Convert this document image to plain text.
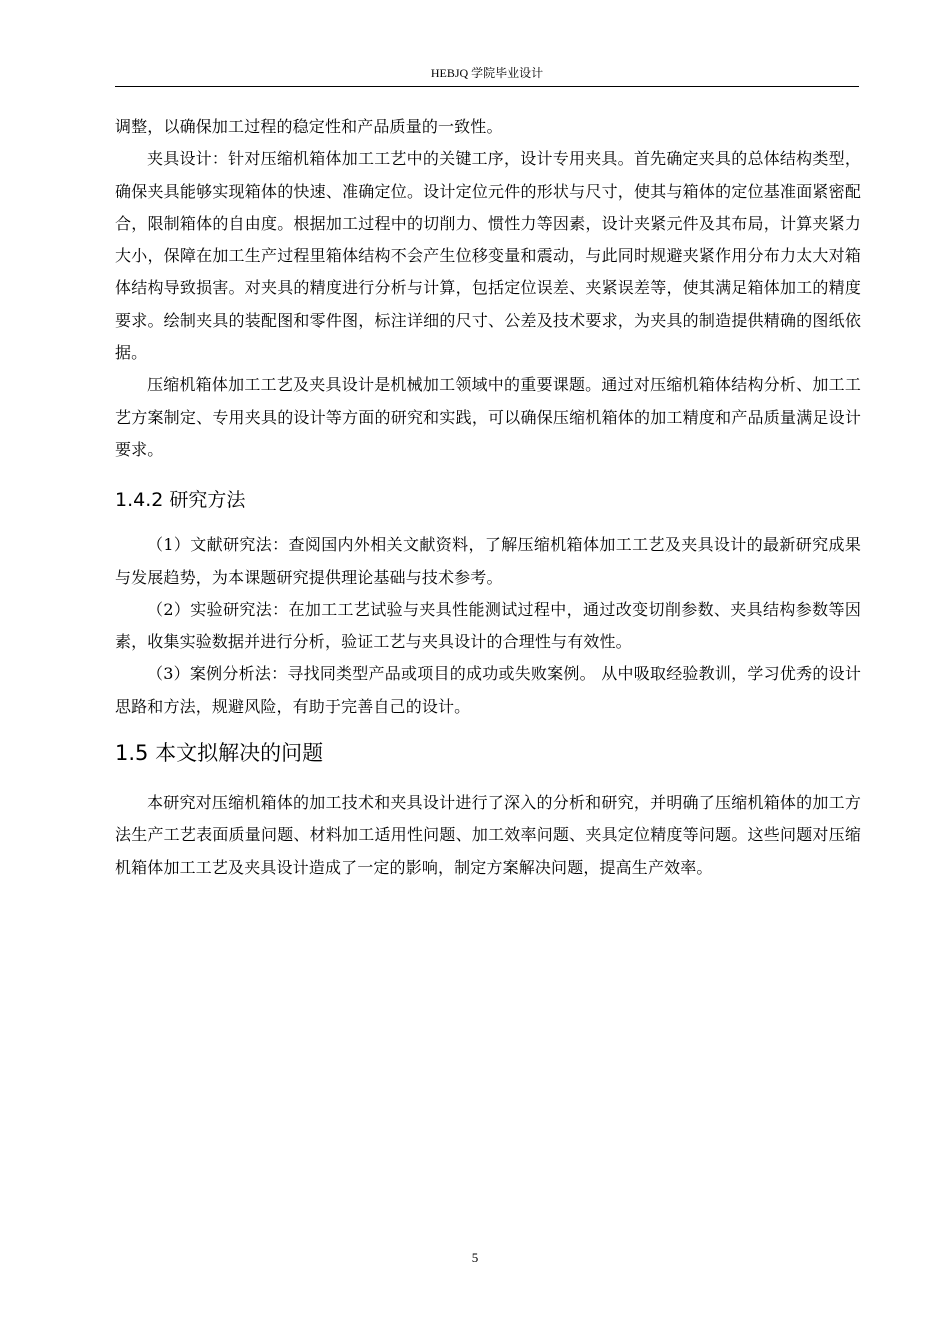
HEBJQ 学院毕业设计

调整，以确保加工过程的稳定性和产品质量的一致性。

夹具设计：针对压缩机箱体加工工艺中的关键工序，设计专用夹具。首先确定夹具的总体结构类型，确保夹具能够实现箱体的快速、准确定位。设计定位元件的形状与尺寸，使其与箱体的定位基准面紧密配合，限制箱体的自由度。根据加工过程中的切削力、惯性力等因素，设计夹紧元件及其布局，计算夹紧力大小，保障在加工生产过程里箱体结构不会产生位移变量和震动，与此同时规避夹紧作用分布力太大对箱体结构导致损害。对夹具的精度进行分析与计算，包括定位误差、夹紧误差等，使其满足箱体加工的精度要求。绘制夹具的装配图和零件图，标注详细的尺寸、公差及技术要求，为夹具的制造提供精确的图纸依据。

压缩机箱体加工工艺及夹具设计是机械加工领域中的重要课题。通过对压缩机箱体结构分析、加工工艺方案制定、专用夹具的设计等方面的研究和实践，可以确保压缩机箱体的加工精度和产品质量满足设计要求。

1.4.2 研究方法

（1）文献研究法：查阅国内外相关文献资料，了解压缩机箱体加工工艺及夹具设计的最新研究成果与发展趋势，为本课题研究提供理论基础与技术参考。

（2）实验研究法：在加工工艺试验与夹具性能测试过程中，通过改变切削参数、夹具结构参数等因素，收集实验数据并进行分析，验证工艺与夹具设计的合理性与有效性。

（3）案例分析法：寻找同类型产品或项目的成功或失败案例。 从中吸取经验教训，学习优秀的设计思路和方法，规避风险，有助于完善自己的设计。

1.5 本文拟解决的问题

本研究对压缩机箱体的加工技术和夹具设计进行了深入的分析和研究，并明确了压缩机箱体的加工方法生产工艺表面质量问题、材料加工适用性问题、加工效率问题、夹具定位精度等问题。这些问题对压缩机箱体加工工艺及夹具设计造成了一定的影响，制定方案解决问题，提高生产效率。

5
